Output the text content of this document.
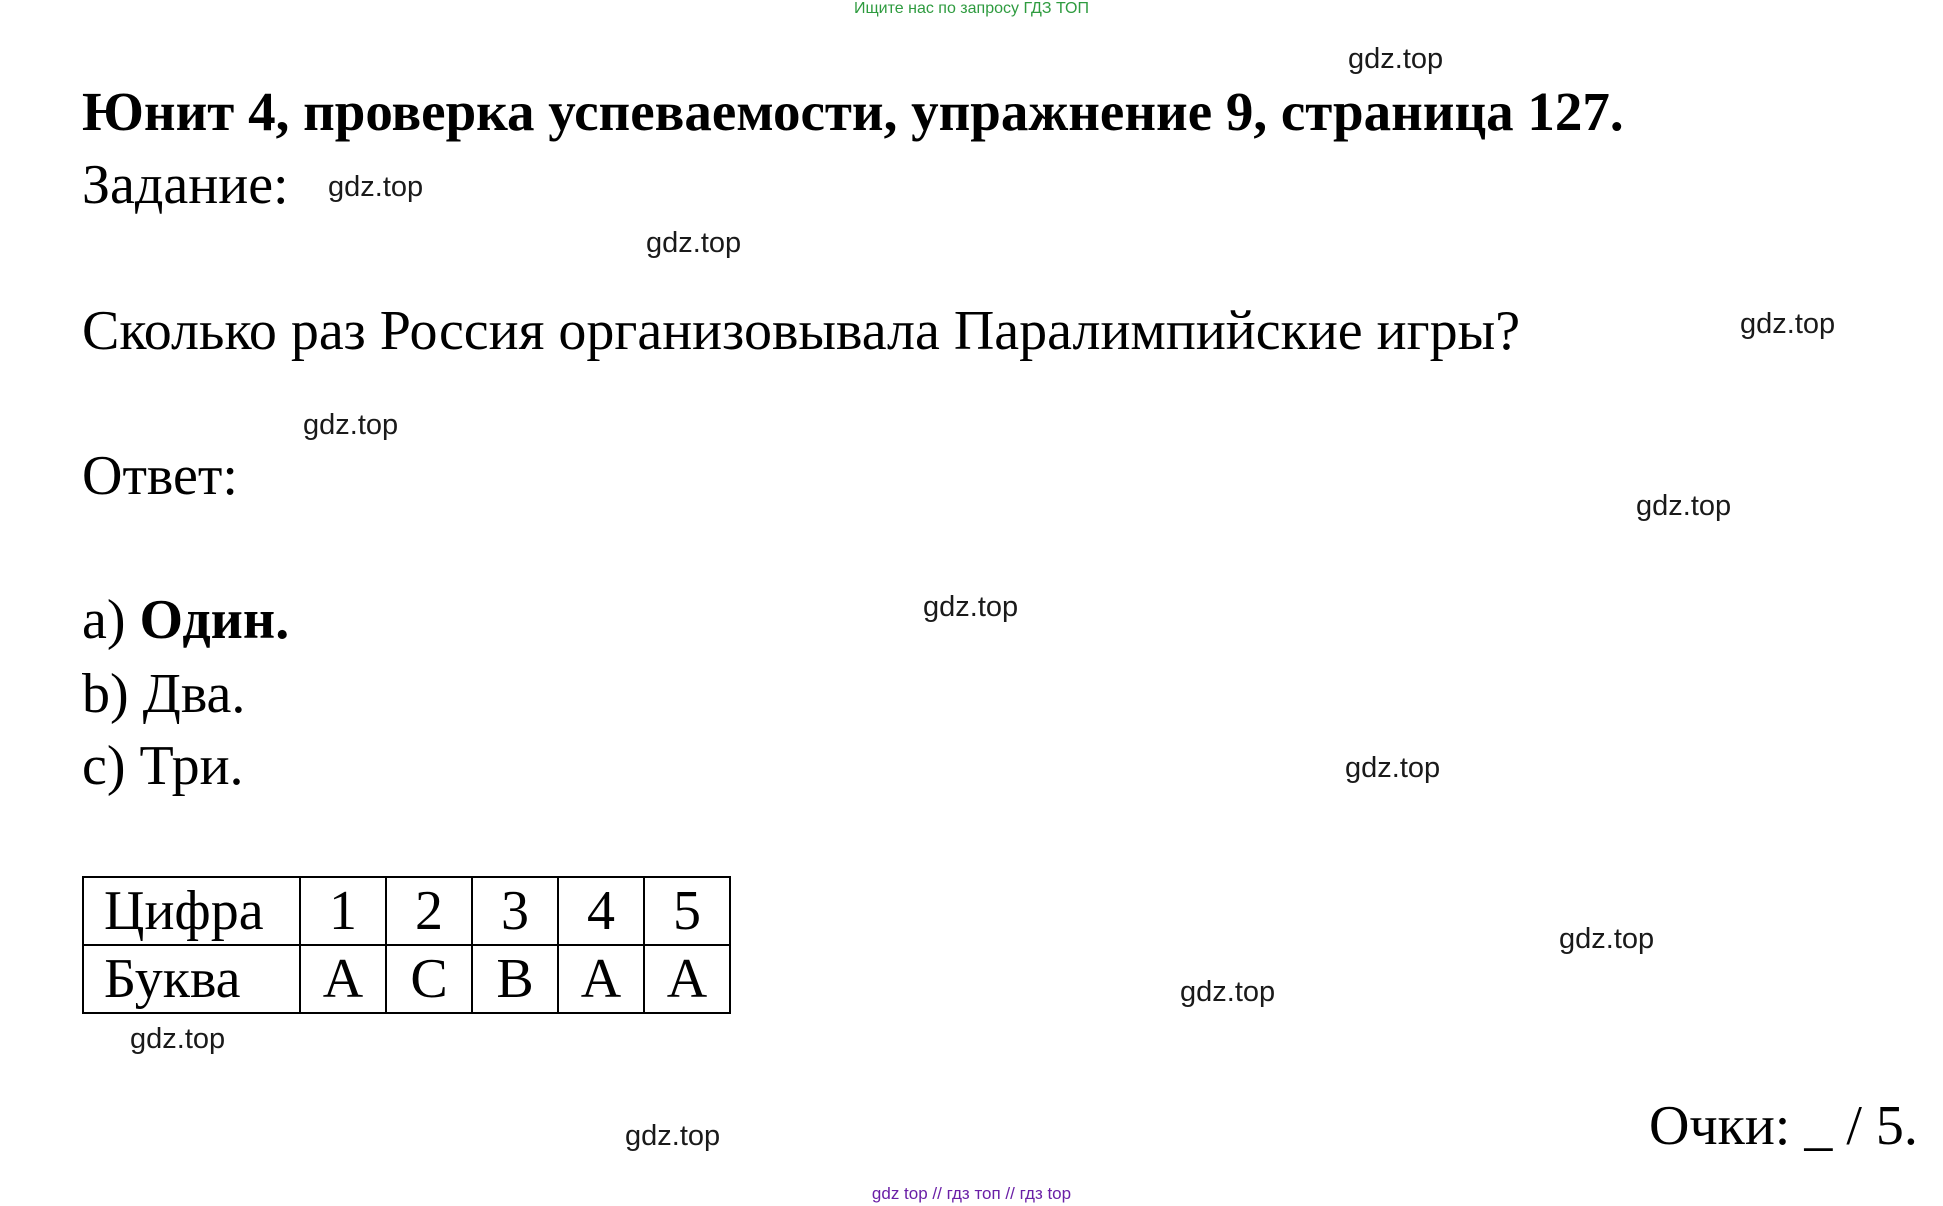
Ищите нас по запросу ГДЗ ТОП
Юнит 4, проверка успеваемости, упражнение 9, страница 127.
Задание:
Сколько раз Россия организовывала Паралимпийские игры?
Ответ:
a) Один.
b) Два.
c) Три.
Цифра	1	2	3	4	5
Буква	A	C	B	A	A
Очки: _ / 5.
gdz.top
gdz.top
gdz.top
gdz.top
gdz.top
gdz.top
gdz.top
gdz.top
gdz.top
gdz.top
gdz.top
gdz.top
gdz top // гдз топ // гдз top
